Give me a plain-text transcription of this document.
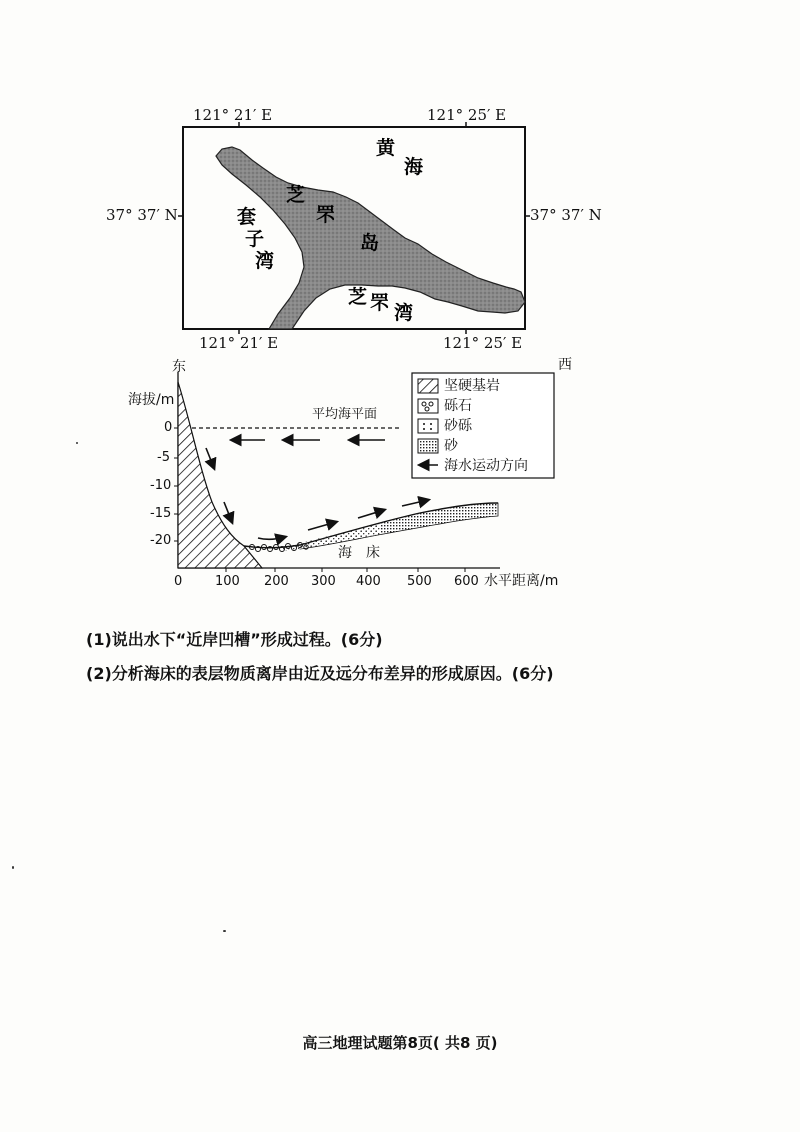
121° 21′ E	121° 25′ E
121° 21′ E	121° 25′ E
37° 37′ N	37° 37′ N
黄
海
套
子
湾
芝
罘
岛
芝 罘 湾
东	西
海拔/m
平均海平面
海　床
0
-5
-10
-15
-20
0	100 200 300 400 500 600 水平距离/m
坚硬基岩
砾石
砂砾
砂
海水运动方向
(1)说出水下“近岸凹槽”形成过程。(6分)
(2)分析海床的表层物质离岸由近及远分布差异的形成原因。(6分)
高三地理试题第8页( 共8 页)
